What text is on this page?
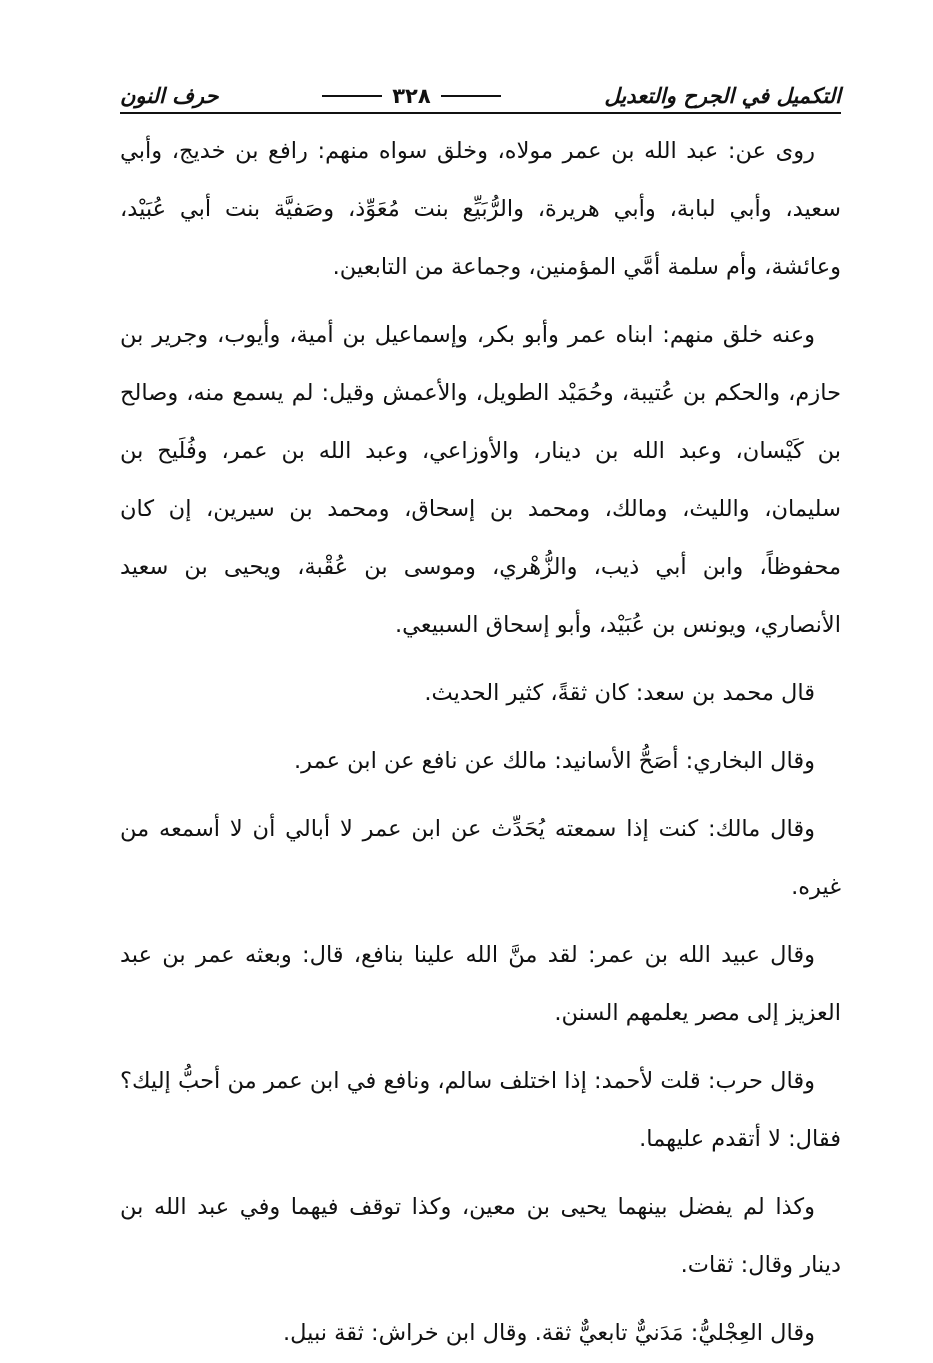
التكميل في الجرح والتعديل
٣٢٨
حرف النون

روى عن: عبد الله بن عمر مولاه، وخلق سواه منهم: رافع بن خديج، وأبي سعيد، وأبي لبابة، وأبي هريرة، والرُّبَيِّع بنت مُعَوِّذ، وصَفيَّة بنت أبي عُبَيْد، وعائشة، وأم سلمة أمَّي المؤمنين، وجماعة من التابعين.

وعنه خلق منهم: ابناه عمر وأبو بكر، وإسماعيل بن أمية، وأيوب، وجرير بن حازم، والحكم بن عُتيبة، وحُمَيْد الطويل، والأعمش وقيل: لم يسمع منه، وصالح بن كَيْسان، وعبد الله بن دينار، والأوزاعي، وعبد الله بن عمر، وفُلَيح بن سليمان، والليث، ومالك، ومحمد بن إسحاق، ومحمد بن سيرين، إن كان محفوظاً، وابن أبي ذيب، والزُّهْري، وموسى بن عُقْبة، ويحيى بن سعيد الأنصاري، ويونس بن عُبَيْد، وأبو إسحاق السبيعي.

قال محمد بن سعد: كان ثقةً، كثير الحديث.

وقال البخاري: أصَحُّ الأسانيد: مالك عن نافع عن ابن عمر.

وقال مالك: كنت إذا سمعته يُحَدِّث عن ابن عمر لا أبالي أن لا أسمعه من غيره.

وقال عبيد الله بن عمر: لقد منَّ الله علينا بنافع، قال: وبعثه عمر بن عبد العزيز إلى مصر يعلمهم السنن.

وقال حرب: قلت لأحمد: إذا اختلف سالم، ونافع في ابن عمر من أحبُّ إليك؟ فقال: لا أتقدم عليهما.

وكذا لم يفضل بينهما يحيى بن معين، وكذا توقف فيهما وفي عبد الله بن دينار وقال: ثقات.

وقال العِجْليُّ: مَدَنيٌّ تابعيٌّ ثقة. وقال ابن خراش: ثقة نبيل.
